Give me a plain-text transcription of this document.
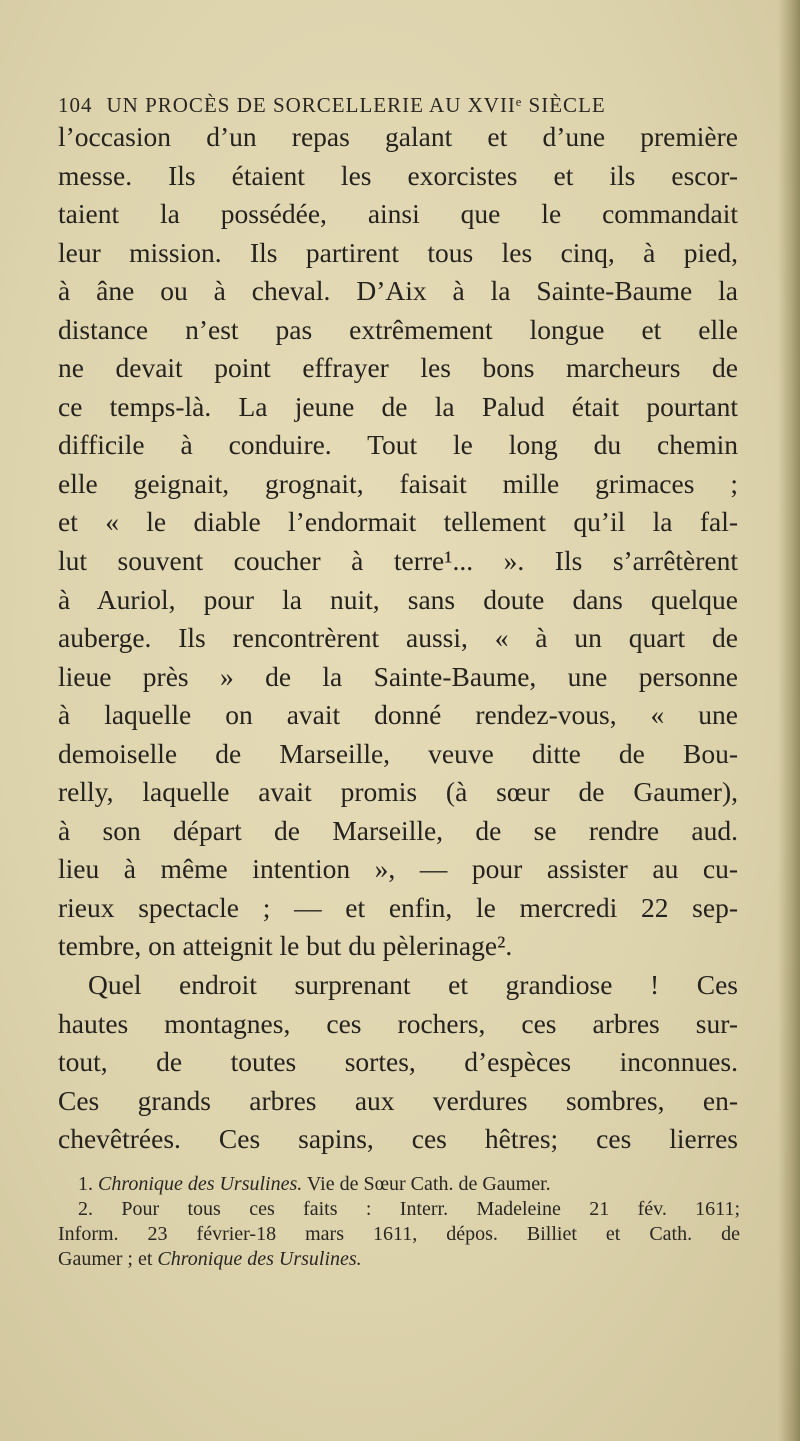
104 UN PROCÈS DE SORCELLERIE AU XVIIᵉ SIÈCLE
l’occasion d’un repas galant et d’une première
messe. Ils étaient les exorcistes et ils escor-
taient la possédée, ainsi que le commandait
leur mission. Ils partirent tous les cinq, à pied,
à âne ou à cheval. D’Aix à la Sainte-Baume la
distance n’est pas extrêmement longue et elle
ne devait point effrayer les bons marcheurs de
ce temps-là. La jeune de la Palud était pourtant
difficile à conduire. Tout le long du chemin
elle geignait, grognait, faisait mille grimaces ;
et « le diable l’endormait tellement qu’il la fal-
lut souvent coucher à terre¹... ». Ils s’arrêtèrent
à Auriol, pour la nuit, sans doute dans quelque
auberge. Ils rencontrèrent aussi, « à un quart de
lieue près » de la Sainte-Baume, une personne
à laquelle on avait donné rendez-vous, « une
demoiselle de Marseille, veuve ditte de Bou-
relly, laquelle avait promis (à sœur de Gaumer),
à son départ de Marseille, de se rendre aud.
lieu à même intention », — pour assister au cu-
rieux spectacle ; — et enfin, le mercredi 22 sep-
tembre, on atteignit le but du pèlerinage².
Quel endroit surprenant et grandiose ! Ces
hautes montagnes, ces rochers, ces arbres sur-
tout, de toutes sortes, d’espèces inconnues.
Ces grands arbres aux verdures sombres, en-
chevêtrées. Ces sapins, ces hêtres; ces lierres
1. Chronique des Ursulines. Vie de Sœur Cath. de Gaumer.
2. Pour tous ces faits : Interr. Madeleine 21 fév. 1611;
Inform. 23 février-18 mars 1611, dépos. Billiet et Cath. de
Gaumer ; et Chronique des Ursulines.
